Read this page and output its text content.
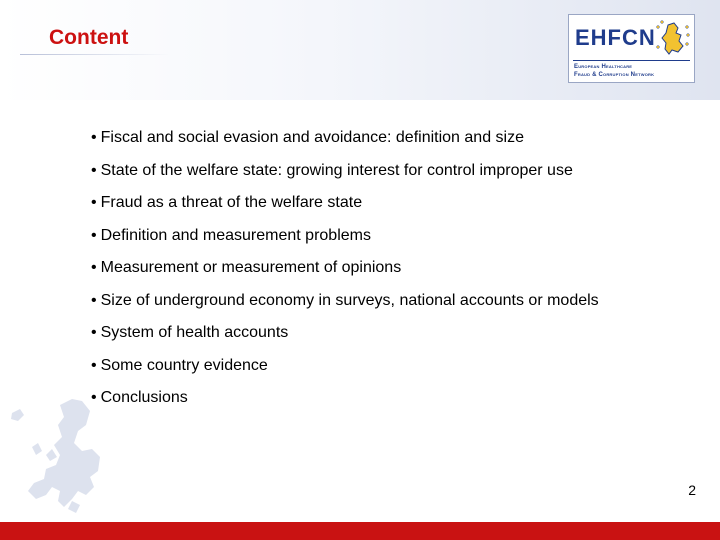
Content	EHFCN
European Healthcare
Fraud & Corruption Network
• Fiscal and social evasion and avoidance: definition and size
• State of the welfare state: growing interest for control improper use
• Fraud as a threat of the welfare state
• Definition and measurement problems
• Measurement or measurement of opinions
• Size of underground economy in surveys, national accounts or models
• System of health accounts
• Some country evidence
• Conclusions
2
